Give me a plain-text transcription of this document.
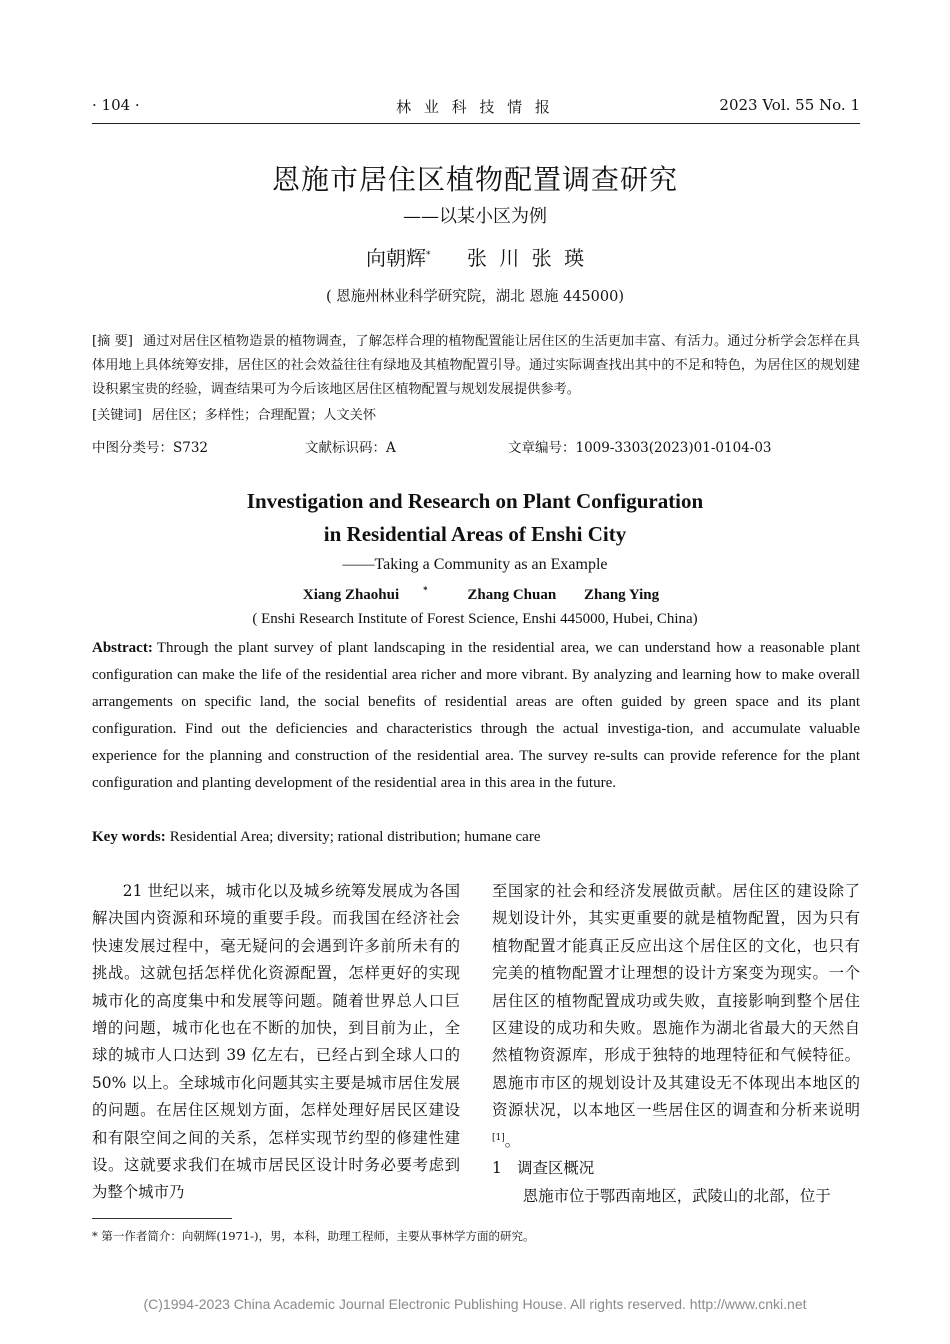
· 104 ·	林 业 科 技 情 报	2023 Vol. 55 No. 1
恩施市居住区植物配置调查研究
——以某小区为例
向朝辉* 张 川 张 瑛
( 恩施州林业科学研究院，湖北 恩施 445000)
[摘 要] 通过对居住区植物造景的植物调查，了解怎样合理的植物配置能让居住区的生活更加丰富、有活力。通过分析学会怎样在具体用地上具体统筹安排，居住区的社会效益往往有绿地及其植物配置引导。通过实际调查找出其中的不足和特色，为居住区的规划建设积累宝贵的经验，调查结果可为今后该地区居住区植物配置与规划发展提供参考。
[关键词] 居住区；多样性；合理配置；人文关怀
中图分类号：S732	文献标识码：A	文章编号：1009-3303(2023)01-0104-03
Investigation and Research on Plant Configuration
in Residential Areas of Enshi City
——Taking a Community as an Example
Xiang Zhaohui	*	Zhang Chuan Zhang Ying
( Enshi Research Institute of Forest Science, Enshi 445000, Hubei, China)
Abstract: Through the plant survey of plant landscaping in the residential area, we can understand how a reasonable plant configuration can make the life of the residential area richer and more vibrant. By analyzing and learning how to make overall arrangements on specific land, the social benefits of residential areas are often guided by green space and its plant configuration. Find out the deficiencies and characteristics through the actual investiga-tion, and accumulate valuable experience for the planning and construction of the residential area. The survey re-sults can provide reference for the plant configuration and planting development of the residential area in this area in the future.
Key words: Residential Area; diversity; rational distribution; humane care

21 世纪以来，城市化以及城乡统筹发展成为各国解决国内资源和环境的重要手段。而我国在经济社会快速发展过程中，毫无疑问的会遇到许多前所未有的挑战。这就包括怎样优化资源配置，怎样更好的实现城市化的高度集中和发展等问题。随着世界总人口巨增的问题，城市化也在不断的加快，到目前为止，全球的城市人口达到 39 亿左右，已经占到全球人口的 50% 以上。全球城市化问题其实主要是城市居住发展的问题。在居住区规划方面，怎样处理好居民区建设和有限空间之间的关系，怎样实现节约型的修建性建设。这就要求我们在城市居民区设计时务必要考虑到为整个城市乃

至国家的社会和经济发展做贡献。居住区的建设除了规划设计外，其实更重要的就是植物配置，因为只有植物配置才能真正反应出这个居住区的文化，也只有完美的植物配置才让理想的设计方案变为现实。一个居住区的植物配置成功或失败，直接影响到整个居住区建设的成功和失败。恩施作为湖北省最大的天然自然植物资源库，形成于独特的地理特征和气候特征。恩施市市区的规划设计及其建设无不体现出本地区的资源状况，以本地区一些居住区的调查和分析来说明[1]。

1　调查区概况

恩施市位于鄂西南地区，武陵山的北部，位于

* 第一作者简介：向朝辉(1971-)，男，本科，助理工程师，主要从事林学方面的研究。
(C)1994-2023 China Academic Journal Electronic Publishing House. All rights reserved. http://www.cnki.net
